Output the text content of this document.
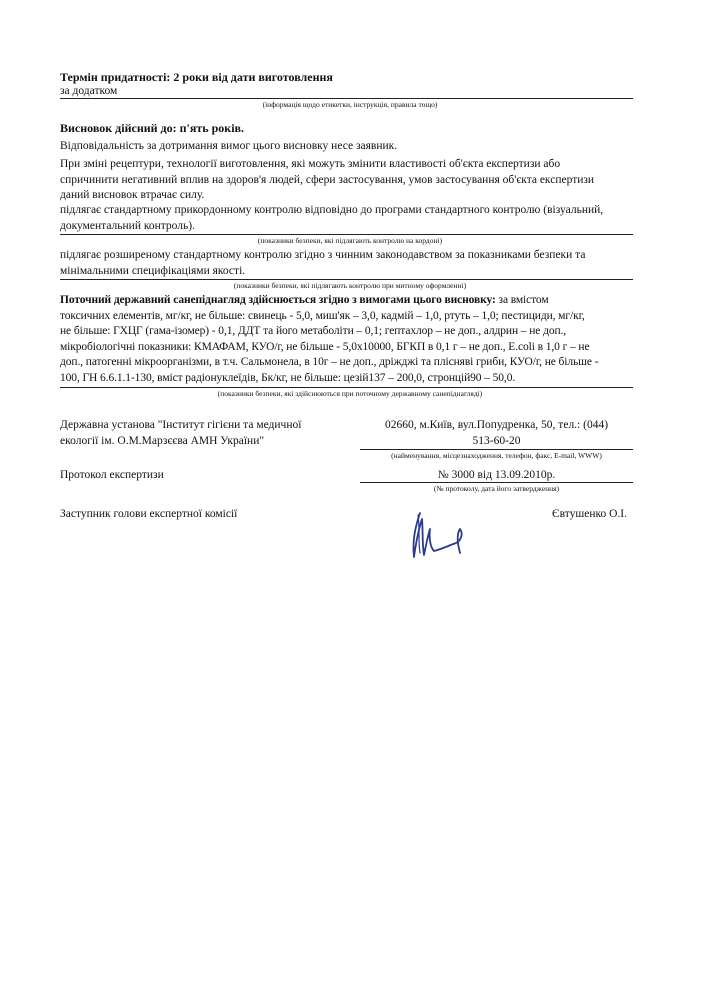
Термін придатності: 2 роки від дати виготовлення
за додатком
(інформація щодо етикетки, інструкція, правила тощо)
Висновок дійсний до: п'ять років.
Відповідальність за дотримання вимог цього висновку несе заявник.
При зміні рецептури, технології виготовлення, які можуть змінити властивості об'єкта експертизи або
спричинити негативний вплив на здоров'я людей, сфери застосування, умов застосування об'єкта експертизи
даний висновок втрачає силу.
підлягає стандартному прикордонному контролю відповідно до програми стандартного контролю (візуальний,
документальний контроль).
(показники безпеки, які підлягають контролю на кордоні)
підлягає розширеному стандартному контролю згідно з чинним законодавством за показниками безпеки та
мінімальними специфікаціями якості.
(показники безпеки, які підлягають контролю при митному оформленні)
Поточний державний санепіднагляд здійснюється згідно з вимогами цього висновку: за вмістом
токсичних елементів, мг/кг, не більше: свинець - 5,0, миш'як – 3,0, кадмій – 1,0, ртуть – 1,0; пестициди, мг/кг,
не більше: ГХЦГ (гама-ізомер) - 0,1, ДДТ та його метаболіти – 0,1; гептахлор – не доп., алдрин – не доп.,
мікробіологічні показники: КМАФАМ, КУО/г, не більше - 5,0х10000, БГКП в 0,1 г – не доп., E.coli в 1,0 г – не
доп., патогенні мікроорганізми, в т.ч. Сальмонела, в 10г – не доп., дріжджі та плісняві гриби, КУО/г, не більше -
100, ГН 6.6.1.1-130, вміст радіонуклеїдів, Бк/кг, не більше: цезій137 – 200,0, стронцій90 – 50,0.
(показники безпеки, які здійснюються при поточному державному санепіднагляді)
Державна установа "Інститут гігієни та медичної
екології ім. О.М.Марзєєва АМН України"
02660, м.Київ, вул.Попудренка, 50, тел.: (044)
513-60-20
(найменування, місцезнаходження, телефон, факс, E-mail, WWW)
Протокол експертизи	№ 3000 від 13.09.2010р.
(№ протоколу, дата його затвердження)
Заступник голови експертної комісії	Євтушенко О.І.
